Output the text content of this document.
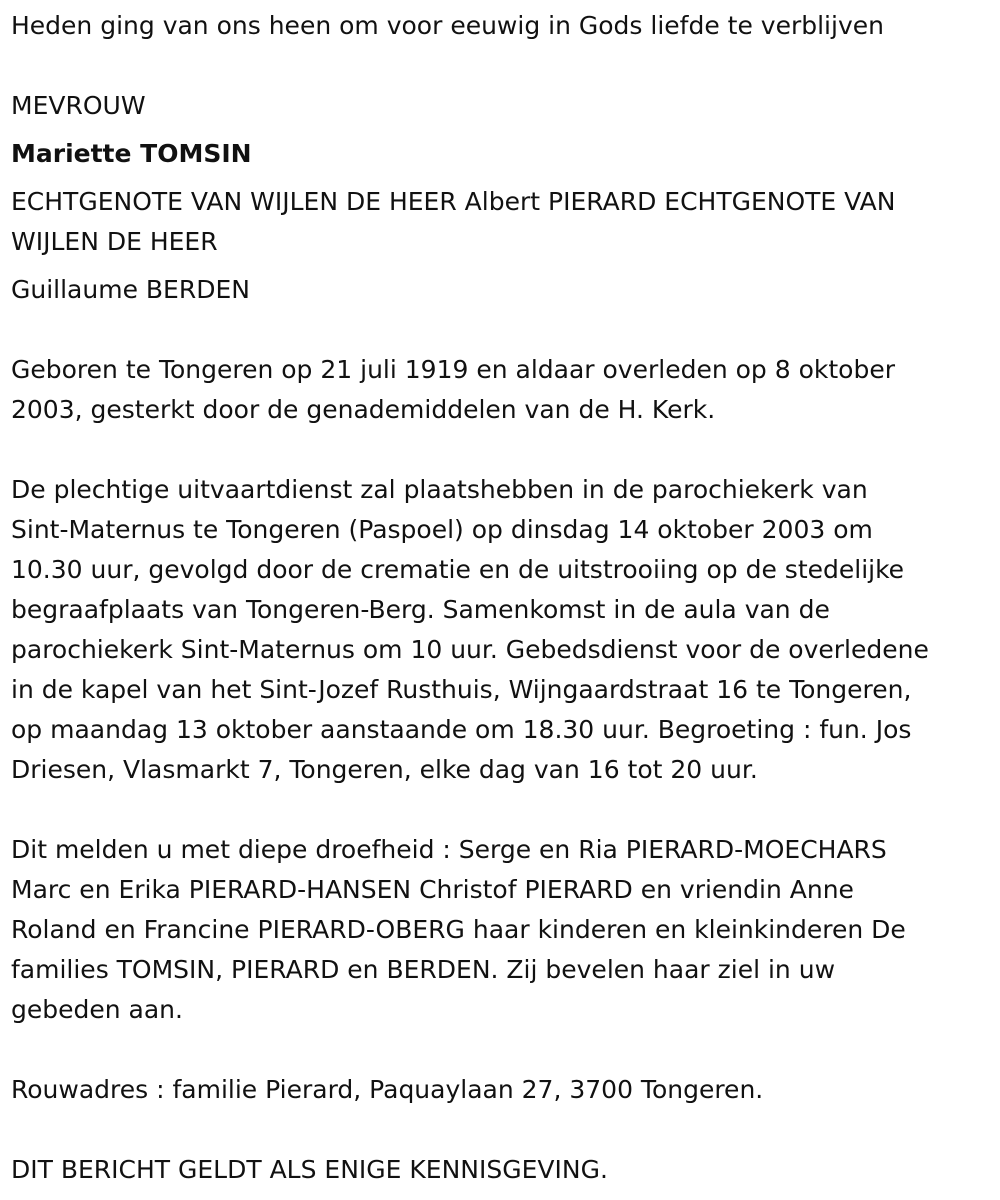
Heden ging van ons heen om voor eeuwig in Gods liefde te verblijven
MEVROUW
Mariette TOMSIN
ECHTGENOTE VAN WIJLEN DE HEER Albert PIERARD ECHTGENOTE VAN
WIJLEN DE HEER
Guillaume BERDEN
Geboren te Tongeren op 21 juli 1919 en aldaar overleden op 8 oktober
2003, gesterkt door de genademiddelen van de H. Kerk.
De plechtige uitvaartdienst zal plaatshebben in de parochiekerk van
Sint-Maternus te Tongeren (Paspoel) op dinsdag 14 oktober 2003 om
10.30 uur, gevolgd door de crematie en de uitstrooiing op de stedelijke
begraafplaats van Tongeren-Berg. Samenkomst in de aula van de
parochiekerk Sint-Maternus om 10 uur. Gebedsdienst voor de overledene
in de kapel van het Sint-Jozef Rusthuis, Wijngaardstraat 16 te Tongeren,
op maandag 13 oktober aanstaande om 18.30 uur. Begroeting : fun. Jos
Driesen, Vlasmarkt 7, Tongeren, elke dag van 16 tot 20 uur.
Dit melden u met diepe droefheid : Serge en Ria PIERARD-MOECHARS
Marc en Erika PIERARD-HANSEN Christof PIERARD en vriendin Anne
Roland en Francine PIERARD-OBERG haar kinderen en kleinkinderen De
families TOMSIN, PIERARD en BERDEN. Zij bevelen haar ziel in uw
gebeden aan.
Rouwadres : familie Pierard, Paquaylaan 27, 3700 Tongeren.
DIT BERICHT GELDT ALS ENIGE KENNISGEVING.
